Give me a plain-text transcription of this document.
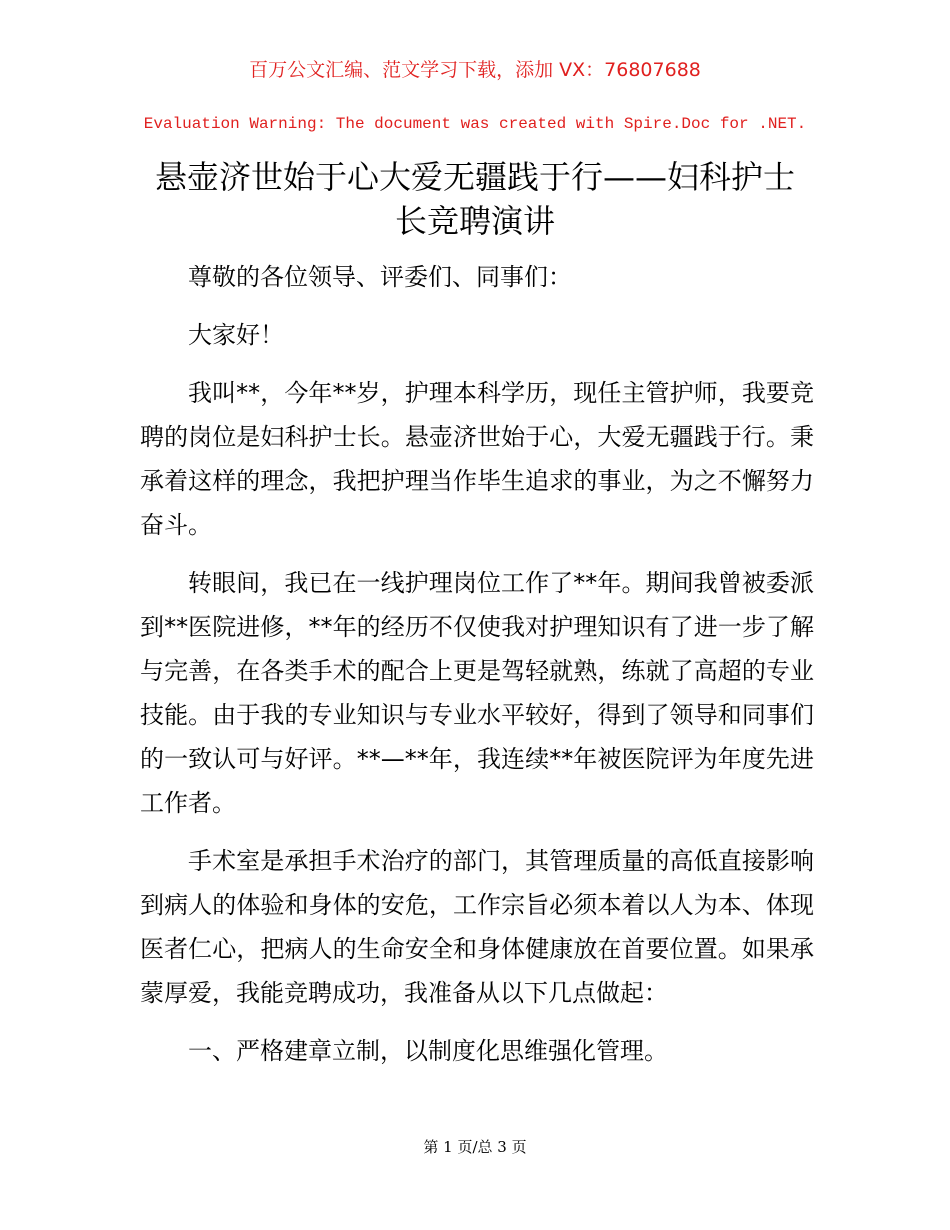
百万公文汇编、范文学习下载，添加 VX：76807688
Evaluation Warning: The document was created with Spire.Doc for .NET.
悬壶济世始于心大爱无疆践于行——妇科护士长竞聘演讲

尊敬的各位领导、评委们、同事们：

大家好！

我叫**，今年**岁，护理本科学历，现任主管护师，我要竞聘的岗位是妇科护士长。悬壶济世始于心，大爱无疆践于行。秉承着这样的理念，我把护理当作毕生追求的事业，为之不懈努力奋斗。

转眼间，我已在一线护理岗位工作了**年。期间我曾被委派到**医院进修，**年的经历不仅使我对护理知识有了进一步了解与完善，在各类手术的配合上更是驾轻就熟，练就了高超的专业技能。由于我的专业知识与专业水平较好，得到了领导和同事们的一致认可与好评。**—**年，我连续**年被医院评为年度先进工作者。

手术室是承担手术治疗的部门，其管理质量的高低直接影响到病人的体验和身体的安危，工作宗旨必须本着以人为本、体现医者仁心，把病人的生命安全和身体健康放在首要位置。如果承蒙厚爱，我能竞聘成功，我准备从以下几点做起：

一、严格建章立制，以制度化思维强化管理。

第 1 页/总 3 页
